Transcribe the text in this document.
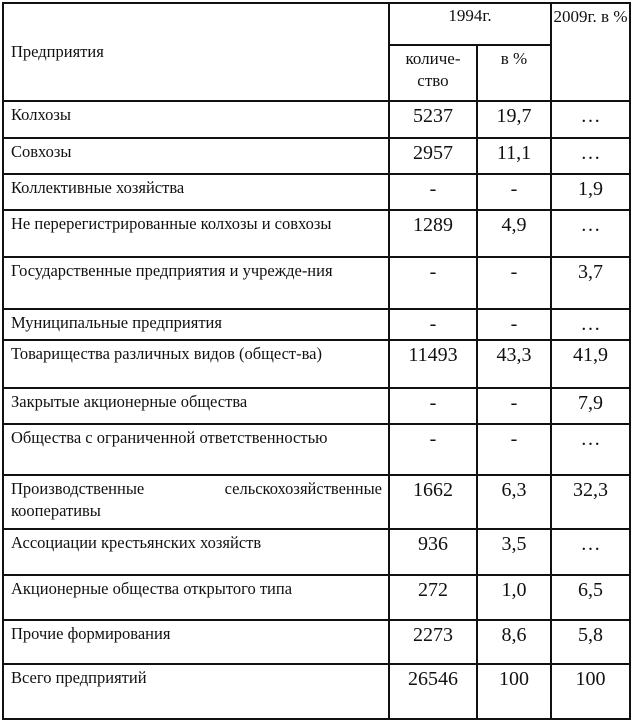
Предприятия	1994г.		2009г. в %
	количе-ство	в %	
Колхозы	5237	19,7	…
Совхозы	2957	11,1	…
Коллективные хозяйства	-	-	1,9
Не перерегистрированные колхозы и совхозы	1289	4,9	…
Государственные предприятия и учрежде-ния	-	-	3,7
Муниципальные предприятия	-	-	…
Товарищества различных видов (общест-ва)	11493	43,3	41,9
Закрытые акционерные общества	-	-	7,9
Общества с ограниченной ответственностью	-	-	…
Производственные сельскохозяйственные кооперативы	1662	6,3	32,3
Ассоциации крестьянских хозяйств	936	3,5	…
Акционерные общества открытого типа	272	1,0	6,5
Прочие формирования	2273	8,6	5,8
Всего предприятий	26546	100	100
